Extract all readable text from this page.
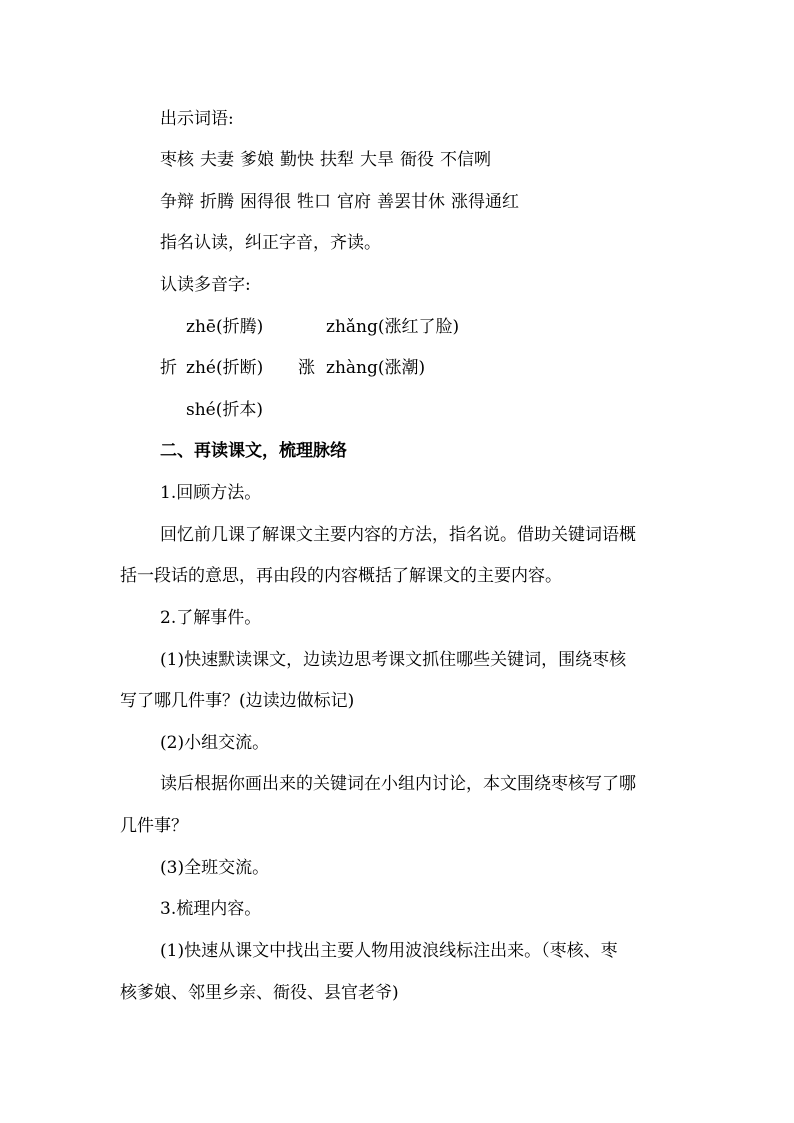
出示词语:
枣核 夫妻 爹娘 勤快 扶犁 大旱 衙役 不信咧
争辩 折腾 困得很 牲口 官府 善罢甘休 涨得通红
指名认读，纠正字音，齐读。
认读多音字:
zhē(折腾)	zhǎng(涨红了脸)
折 zhé(折断) 涨 zhàng(涨潮)
shé(折本)
二、再读课文，梳理脉络
1.回顾方法。
回忆前几课了解课文主要内容的方法，指名说。借助关键词语概
括一段话的意思，再由段的内容概括了解课文的主要内容。
2.了解事件。
(1)快速默读课文，边读边思考课文抓住哪些关键词，围绕枣核
写了哪几件事？(边读边做标记)
(2)小组交流。
读后根据你画出来的关键词在小组内讨论，本文围绕枣核写了哪
几件事？
(3)全班交流。
3.梳理内容。
(1)快速从课文中找出主要人物用波浪线标注出来。（枣核、枣
核爹娘、邻里乡亲、衙役、县官老爷)
